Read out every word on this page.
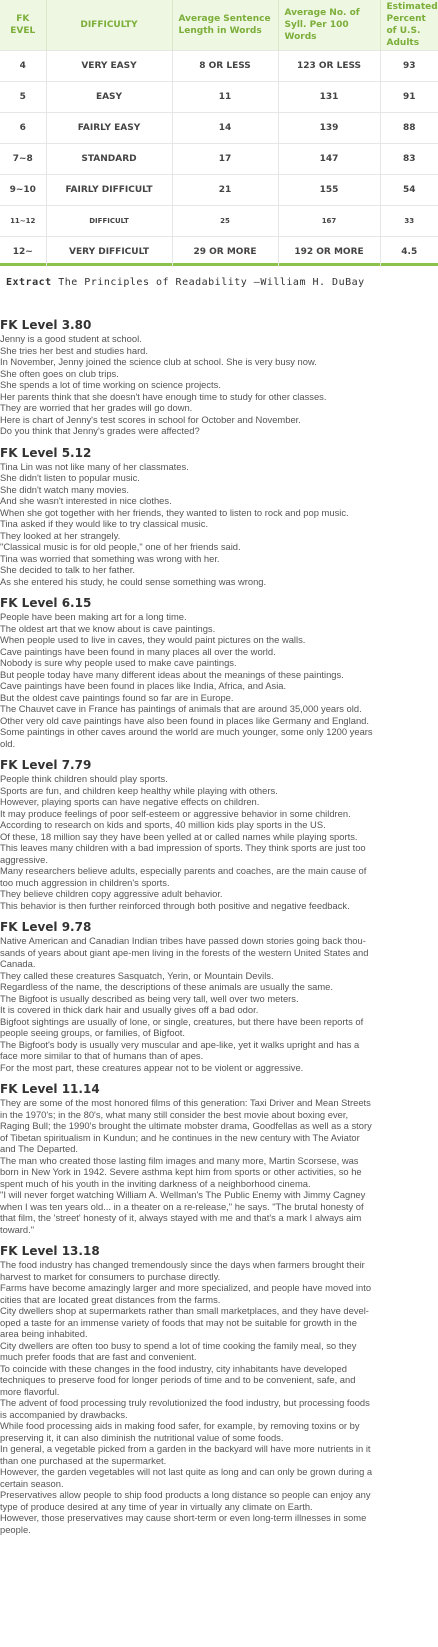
FK EVEL	DIFFICULTY	Average Sentence Length in Words	Average No. of Syll. Per 100 Words	Estimated Percent of U.S. Adults
4	VERY EASY	8 OR LESS	123 OR LESS	93
5	EASY	11	131	91
6	FAIRLY EASY	14	139	88
7~8	STANDARD	17	147	83
9~10	FAIRLY DIFFICULT	21	155	54
11~12	DIFFICULT	25	167	33
12~	VERY DIFFICULT	29 OR MORE	192 OR MORE	4.5
Extract The Principles of Readability –William H. DuBay
FK Level 3.80
Jenny is a good student at school.
She tries her best and studies hard.
In November, Jenny joined the science club at school. She is very busy now.
She often goes on club trips.
She spends a lot of time working on science projects.
Her parents think that she doesn't have enough time to study for other classes.
They are worried that her grades will go down.
Here is chart of Jenny's test scores in school for October and November.
Do you think that Jenny's grades were affected?
FK Level 5.12
Tina Lin was not like many of her classmates.
She didn't listen to popular music.
She didn't watch many movies.
And she wasn't interested in nice clothes.
When she got together with her friends, they wanted to listen to rock and pop music.
Tina asked if they would like to try classical music.
They looked at her strangely.
"Classical music is for old people," one of her friends said.
Tina was worried that something was wrong with her.
She decided to talk to her father.
As she entered his study, he could sense something was wrong.
FK Level 6.15
People have been making art for a long time.
The oldest art that we know about is cave paintings.
When people used to live in caves, they would paint pictures on the walls.
Cave paintings have been found in many places all over the world.
Nobody is sure why people used to make cave paintings.
But people today have many different ideas about the meanings of these paintings.
Cave paintings have been found in places like India, Africa, and Asia.
But the oldest cave paintings found so far are in Europe.
The Chauvet cave in France has paintings of animals that are around 35,000 years old.
Other very old cave paintings have also been found in places like Germany and England.
Some paintings in other caves around the world are much younger, some only 1200 years
old.
FK Level 7.79
People think children should play sports.
Sports are fun, and children keep healthy while playing with others.
However, playing sports can have negative effects on children.
It may produce feelings of poor self-esteem or aggressive behavior in some children.
According to research on kids and sports, 40 million kids play sports in the US.
Of these, 18 million say they have been yelled at or called names while playing sports.
This leaves many children with a bad impression of sports. They think sports are just too
aggressive.
Many researchers believe adults, especially parents and coaches, are the main cause of
too much aggression in children's sports.
They believe children copy aggressive adult behavior.
This behavior is then further reinforced through both positive and negative feedback.
FK Level 9.78
Native American and Canadian Indian tribes have passed down stories going back thou-
sands of years about giant ape-men living in the forests of the western United States and
Canada.
They called these creatures Sasquatch, Yerin, or Mountain Devils.
Regardless of the name, the descriptions of these animals are usually the same.
The Bigfoot is usually described as being very tall, well over two meters.
It is covered in thick dark hair and usually gives off a bad odor.
Bigfoot sightings are usually of lone, or single, creatures, but there have been reports of
people seeing groups, or families, of Bigfoot.
The Bigfoot's body is usually very muscular and ape-like, yet it walks upright and has a
face more similar to that of humans than of apes.
For the most part, these creatures appear not to be violent or aggressive.
FK Level 11.14
They are some of the most honored films of this generation: Taxi Driver and Mean Streets
in the 1970's; in the 80's, what many still consider the best movie about boxing ever,
Raging Bull; the 1990's brought the ultimate mobster drama, Goodfellas as well as a story
of Tibetan spiritualism in Kundun; and he continues in the new century with The Aviator
and The Departed.
The man who created those lasting film images and many more, Martin Scorsese, was
born in New York in 1942. Severe asthma kept him from sports or other activities, so he
spent much of his youth in the inviting darkness of a neighborhood cinema.
"I will never forget watching William A. Wellman's The Public Enemy with Jimmy Cagney
when I was ten years old... in a theater on a re-release," he says. "The brutal honesty of
that film, the 'street' honesty of it, always stayed with me and that's a mark I always aim
toward."
FK Level 13.18
The food industry has changed tremendously since the days when farmers brought their
harvest to market for consumers to purchase directly.
Farms have become amazingly larger and more specialized, and people have moved into
cities that are located great distances from the farms.
City dwellers shop at supermarkets rather than small marketplaces, and they have devel-
oped a taste for an immense variety of foods that may not be suitable for growth in the
area being inhabited.
City dwellers are often too busy to spend a lot of time cooking the family meal, so they
much prefer foods that are fast and convenient.
To coincide with these changes in the food industry, city inhabitants have developed
techniques to preserve food for longer periods of time and to be convenient, safe, and
more flavorful.
The advent of food processing truly revolutionized the food industry, but processing foods
is accompanied by drawbacks.
While food processing aids in making food safer, for example, by removing toxins or by
preserving it, it can also diminish the nutritional value of some foods.
In general, a vegetable picked from a garden in the backyard will have more nutrients in it
than one purchased at the supermarket.
However, the garden vegetables will not last quite as long and can only be grown during a
certain season.
Preservatives allow people to ship food products a long distance so people can enjoy any
type of produce desired at any time of year in virtually any climate on Earth.
However, those preservatives may cause short-term or even long-term illnesses in some
people.
